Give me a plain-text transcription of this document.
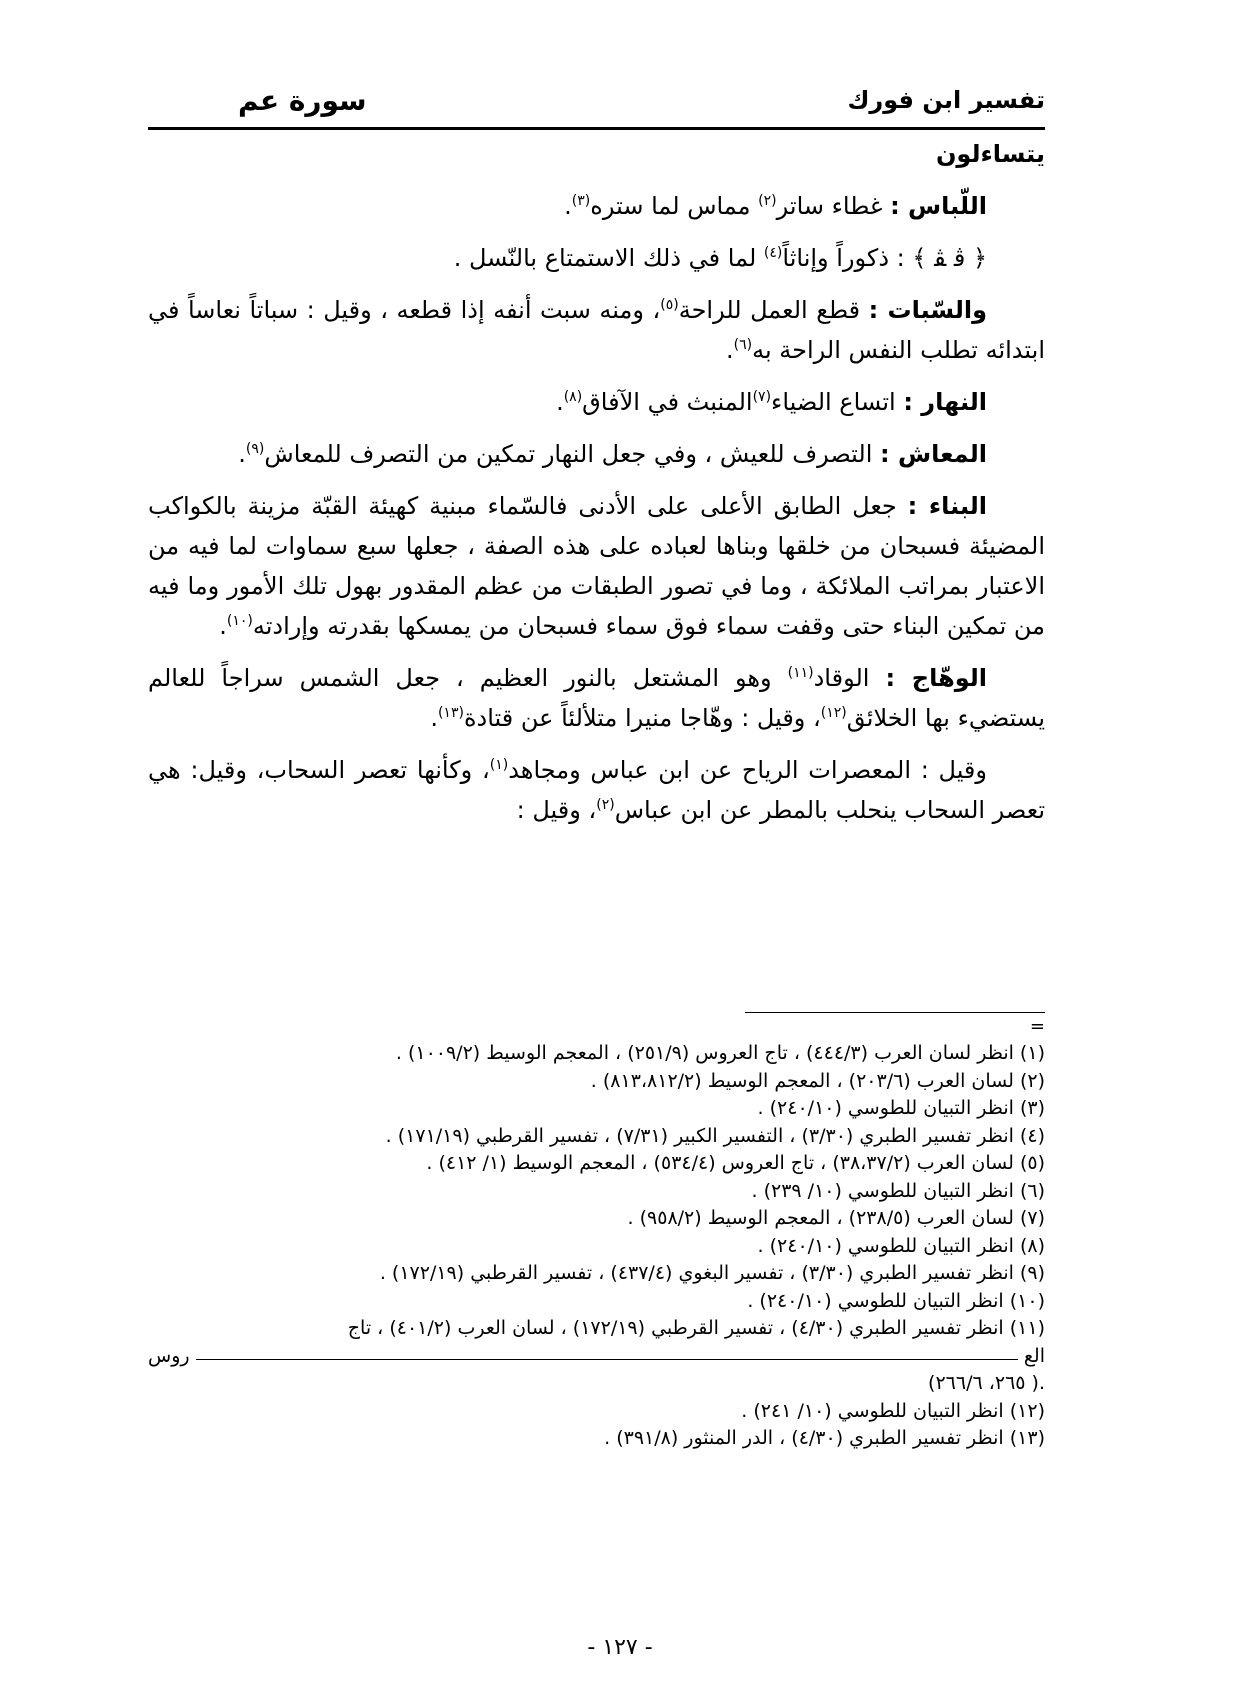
تفسير ابن فورك
سورة عم

يتساءلون

اللّباس : غطاء ساتر$^{(٢)}$ مماس لما ستره$^{(٣)}$.

﴿ ﭬ ﭭ ﴾ : ذكوراً وإناثاً$^{(٤)}$ لما في ذلك الاستمتاع بالنّسل .

والسّبات : قطع العمل للراحة$^{(٥)}$، ومنه سبت أنفه إذا قطعه ، وقيل : سباتاً نعاساً في ابتدائه تطلب النفس الراحة به$^{(٦)}$.

النهار : اتساع الضياء$^{(٧)}$المنبث في الآفاق$^{(٨)}$.

المعاش : التصرف للعيش ، وفي جعل النهار تمكين من التصرف للمعاش$^{(٩)}$.

البناء : جعل الطابق الأعلى على الأدنى فالسّماء مبنية كهيئة القبّة مزينة بالكواكب المضيئة فسبحان من خلقها وبناها لعباده على هذه الصفة ، جعلها سبع سماوات لما فيه من الاعتبار بمراتب الملائكة ، وما في تصور الطبقات من عظم المقدور بهول تلك الأمور وما فيه من تمكين البناء حتى وقفت سماء فوق سماء فسبحان من يمسكها بقدرته وإرادته$^{(١٠)}$.

الوهّاج : الوقاد$^{(١١)}$ وهو المشتعل بالنور العظيم ، جعل الشمس سراجاً للعالم يستضيء بها الخلائق$^{(١٢)}$، وقيل : وهّاجا منيرا متلألئاً عن قتادة$^{(١٣)}$.

وقيل : المعصرات الرياح عن ابن عباس ومجاهد$^{(١)}$، وكأنها تعصر السحاب، وقيل: هي تعصر السحاب ينحلب بالمطر عن ابن عباس$^{(٢)}$، وقيل :

=
(١) انظر لسان العرب (٤٤٤/٣) ، تاج العروس (٢٥١/٩) ، المعجم الوسيط (١٠٠٩/٢) .
(٢) لسان العرب (٢٠٣/٦) ، المعجم الوسيط (٨١٣،٨١٢/٢) .
(٣) انظر التبيان للطوسي (٢٤٠/١٠) .
(٤) انظر تفسير الطبري (٣/٣٠) ، التفسير الكبير (٧/٣١) ، تفسير القرطبي (١٧١/١٩) .
(٥) لسان العرب (٣٨،٣٧/٢) ، تاج العروس (٥٣٤/٤) ، المعجم الوسيط (١/ ٤١٢) .
(٦) انظر التبيان للطوسي (١٠/ ٢٣٩) .
(٧) لسان العرب (٢٣٨/٥) ، المعجم الوسيط (٩٥٨/٢) .
(٨) انظر التبيان للطوسي (٢٤٠/١٠) .
(٩) انظر تفسير الطبري (٣/٣٠) ، تفسير البغوي (٤٣٧/٤) ، تفسير القرطبي (١٧٢/١٩) .
(١٠) انظر التبيان للطوسي (٢٤٠/١٠) .
(١١) انظر تفسير الطبري (٤/٣٠) ، تفسير القرطبي (١٧٢/١٩) ، لسان العرب (٤٠١/٢) ، تاج
الع
روس
.( ٢٦٥، ٢٦٦/٦)
(١٢) انظر التبيان للطوسي (١٠/ ٢٤١) .
(١٣) انظر تفسير الطبري (٤/٣٠) ، الدر المنثور (٣٩١/٨) .
- ١٢٧ -
